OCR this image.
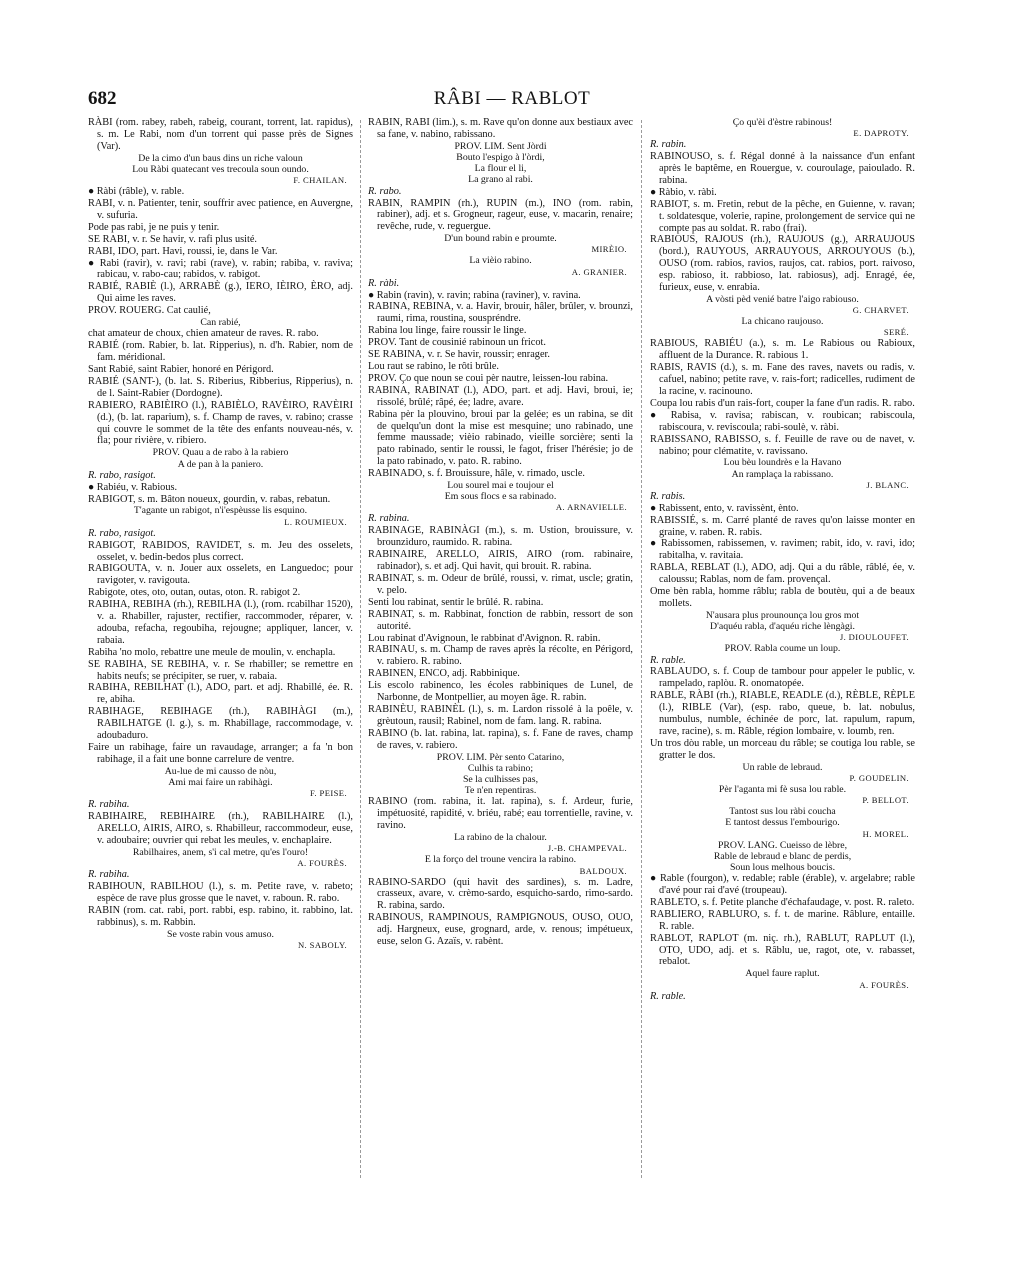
682	RÂBI — RABLOT

RÀBI (rom. rabey, rabeh, rabeig, courant, torrent, lat. rapidus), s. m. Le Rabi, nom d'un torrent qui passe près de Signes (Var).

De la cimo d'un baus dins un riche valoun

Lou Ràbi quatecant ves trecoula soun oundo.

F. CHAILAN.

● Ràbi (râble), v. rable.

RABI, v. n. Patienter, tenir, souffrir avec patience, en Auvergne, v. sufuria.

Pode pas rabi, je ne puis y tenir.

SE RABI, v. r. Se havir, v. rafi plus usité.

RABI, IDO, part. Havi, roussi, ie, dans le Var.

● Rabi (ravir), v. ravi; rabi (rave), v. rabin; rabiba, v. raviva; rabicau, v. rabo-cau; rabidos, v. rabigot.

RABIÉ, RABIÈ (l.), ARRABÈ (g.), IERO, IÈIRO, ÈRO, adj. Qui aime les raves.

PROV. ROUERG. Cat caulié,

Can rabié,

chat amateur de choux, chien amateur de raves. R. rabo.

RABIÉ (rom. Rabier, b. lat. Ripperius), n. d'h. Rabier, nom de fam. méridional.

Sant Rabié, saint Rabier, honoré en Périgord.

RABIÉ (SANT-), (b. lat. S. Riberius, Ribberius, Ripperius), n. de l. Saint-Rabier (Dordogne).

RABIERO, RABIÈIRO (l.), RABIÈLO, RAVÈIRO, RAVÈIRI (d.), (b. lat. raparium), s. f. Champ de raves, v. rabino; crasse qui couvre le sommet de la tête des enfants nouveau-nés, v. fla; pour rivière, v. ribiero.

PROV. Quau a de rabo à la rabiero

A de pan à la paniero.

R. rabo, rasigot.

● Rabiéu, v. Rabious.

RABIGOT, s. m. Bâton noueux, gourdin, v. rabas, rebatun.

T'agante un rabigot, n'i'espèusse lis esquino.

L. ROUMIEUX.

R. rabo, rasigot.

RABIGOT, RABIDOS, RAVIDET, s. m. Jeu des osselets, osselet, v. bedin-bedos plus correct.

RABIGOUTA, v. n. Jouer aux osselets, en Languedoc; pour ravigoter, v. ravigouta.

Rabigote, otes, oto, outan, outas, oton. R. rabigot 2.

RABIHA, REBIHA (rh.), REBILHA (l.), (rom. rcabilhar 1520), v. a. Rhabiller, rajuster, rectifier, raccommoder, réparer, v. adouba, refacha, regoubiha, rejougne; appliquer, lancer, v. rabaia.

Rabiha 'no molo, rebattre une meule de moulin, v. enchapla.

SE RABIHA, SE REBIHA, v. r. Se rhabiller; se remettre en habits neufs; se précipiter, se ruer, v. rabaia.

RABIHA, REBILHAT (l.), ADO, part. et adj. Rhabillé, ée. R. re, abiha.

RABIHAGE, REBIHAGE (rh.), RABIHÀGI (m.), RABILHATGE (l. g.), s. m. Rhabillage, raccommodage, v. adoubaduro.

Faire un rabihage, faire un ravaudage, arranger; a fa 'n bon rabihage, il a fait une bonne carrelure de ventre.

Au-lue de mi causso de nòu,

Ami mai faire un rabihàgi.

F. PEISE.

R. rabiha.

RABIHAIRE, REBIHAIRE (rh.), RABILHAIRE (l.), ARELLO, AIRIS, AIRO, s. Rhabilleur, raccommodeur, euse, v. adoubaire; ouvrier qui rebat les meules, v. enchaplaire.

Rabilhaires, anem, s'i cal metre, qu'es l'ouro!

A. FOURÈS.

R. rabiha.

RABIHOUN, RABILHOU (l.), s. m. Petite rave, v. rabeto; espèce de rave plus grosse que le navet, v. raboun. R. rabo.

RABIN (rom. cat. rabi, port. rabbi, esp. rabino, it. rabbino, lat. rabbinus), s. m. Rabbin.

Se voste rabin vous amuso.

N. SABOLY.

RABIN, RABI (lim.), s. m. Rave qu'on donne aux bestiaux avec sa fane, v. nabino, rabissano.

PROV. LIM. Sent Jòrdi

Bouto l'espigo à l'òrdi,

La flour el li,

La grano al rabi.

R. rabo.

RABIN, RAMPIN (rh.), RUPIN (m.), INO (rom. rabin, rabiner), adj. et s. Grogneur, rageur, euse, v. macarin, renaire; revêche, rude, v. reguergue.

D'un bound rabin e proumte.

MIRÈIO.

La vièio rabino.

A. GRANIER.

R. ràbi.

● Rabin (ravin), v. ravin; rabina (raviner), v. ravina.

RABINA, REBINA, v. a. Havir, brouir, hâler, brûler, v. brounzi, raumi, rima, roustina, souspréndre.

Rabina lou linge, faire roussir le linge.

PROV. Tant de cousinié rabinoun un fricot.

SE RABINA, v. r. Se havir, roussir; enrager.

Lou raut se rabino, le rôti brûle.

PROV. Ço que noun se coui pèr nautre, leissen-lou rabina.

RABINA, RABINAT (l.), ADO, part. et adj. Havi, broui, ie; rissolé, brûlé; râpé, ée; ladre, avare.

Rabina pèr la plouvino, broui par la gelée; es un rabina, se dit de quelqu'un dont la mise est mesquine; uno rabinado, une femme maussade; vièio rabinado, vieille sorcière; senti la pato rabinado, sentir le roussi, le fagot, friser l'hérésie; jo de la pato rabinado, v. pato. R. rabino.

RABINADO, s. f. Brouissure, hâle, v. rimado, uscle.

Lou sourel mai e toujour el

Em sous flocs e sa rabinado.

A. ARNAVIELLE.

R. rabina.

RABINAGE, RABINÀGI (m.), s. m. Ustion, brouissure, v. brounziduro, raumido. R. rabina.

RABINAIRE, ARELLO, AIRIS, AIRO (rom. rabinaire, rabinador), s. et adj. Qui havit, qui brouit. R. rabina.

RABINAT, s. m. Odeur de brûlé, roussi, v. rimat, uscle; gratin, v. pelo.

Senti lou rabinat, sentir le brûlé. R. rabina.

RABINAT, s. m. Rabbinat, fonction de rabbin, ressort de son autorité.

Lou rabinat d'Avignoun, le rabbinat d'Avignon. R. rabin.

RABINAU, s. m. Champ de raves après la récolte, en Périgord, v. rabiero. R. rabino.

RABINEN, ENCO, adj. Rabbinique.

Lis escolo rabinenco, les écoles rabbiniques de Lunel, de Narbonne, de Montpellier, au moyen âge. R. rabin.

RABINÈU, RABINÈL (l.), s. m. Lardon rissolé à la poêle, v. grèutoun, rausil; Rabinel, nom de fam. lang. R. rabina.

RABINO (b. lat. rabina, lat. rapina), s. f. Fane de raves, champ de raves, v. rabiero.

PROV. LIM. Pèr sento Catarino,

Culhis ta rabino;

Se la culhisses pas,

Te n'en repentiras.

RABINO (rom. rabina, it. lat. rapina), s. f. Ardeur, furie, impétuosité, rapidité, v. briéu, rabé; eau torrentielle, ravine, v. ravino.

La rabino de la chalour.

J.-B. CHAMPEVAL.

E la forço del troune vencira la rabino.

BALDOUX.

RABINO-SARDO (qui havit des sardines), s. m. Ladre, crasseux, avare, v. crèmo-sardo, esquicho-sardo, rimo-sardo. R. rabina, sardo.

RABINOUS, RAMPINOUS, RAMPIGNOUS, OUSO, OUO, adj. Hargneux, euse, grognard, arde, v. renous; impétueux, euse, selon G. Azaïs, v. rabènt.

Ço qu'èi d'èstre rabinous!

E. DAPROTY.

R. rabin.

RABINOUSO, s. f. Régal donné à la naissance d'un enfant après le baptême, en Rouergue, v. couroulage, paioulado. R. rabina.

● Ràbio, v. ràbi.

RABIOT, s. m. Fretin, rebut de la pêche, en Guienne, v. ravan; t. soldatesque, volerie, rapine, prolongement de service qui ne compte pas au soldat. R. rabo (frai).

RABIOUS, RAJOUS (rh.), RAUJOUS (g.), ARRAUJOUS (bord.), RAUYOUS, ARRAUYOUS, ARROUYOUS (b.), OUSO (rom. rabios, ravios, raujos, cat. rabios, port. raivoso, esp. rabioso, it. rabbioso, lat. rabiosus), adj. Enragé, ée, furieux, euse, v. enrabia.

A vòsti pèd venié batre l'aigo rabiouso.

G. CHARVET.

La chicano raujouso.

SERÉ.

RABIOUS, RABIÉU (a.), s. m. Le Rabious ou Rabioux, affluent de la Durance. R. rabious 1.

RABIS, RAVIS (d.), s. m. Fane des raves, navets ou radis, v. cafuel, nabino; petite rave, v. rais-fort; radicelles, rudiment de la racine, v. racinouno.

Coupa lou rabis d'un rais-fort, couper la fane d'un radis. R. rabo.

● Rabisa, v. ravisa; rabiscan, v. roubican; rabiscoula, rabiscoura, v. reviscoula; rabi-soulè, v. ràbi.

RABISSANO, RABISSO, s. f. Feuille de rave ou de navet, v. nabino; pour clématite, v. ravissano.

Lou bèu loundrès e la Havano

An ramplaça la rabissano.

J. BLANC.

R. rabis.

● Rabissent, ento, v. ravissènt, ènto.

RABISSIÉ, s. m. Carré planté de raves qu'on laisse monter en graine, v. raben. R. rabis.

● Rabissomen, rabissemen, v. ravimen; rabit, ido, v. ravi, ido; rabitalha, v. ravitaia.

RABLA, REBLAT (l.), ADO, adj. Qui a du râble, râblé, ée, v. caloussu; Rablas, nom de fam. provençal.

Ome bèn rabla, homme râblu; rabla de boutèu, qui a de beaux mollets.

N'ausara plus prounounça lou gros mot

D'aquéu rabla, d'aquéu riche lèngàgi.

J. DIOULOUFET.

PROV. Rabla coume un loup.

R. rable.

RABLAUDO, s. f. Coup de tambour pour appeler le public, v. rampelado, raplòu. R. onomatopée.

RABLE, RÀBI (rh.), RIABLE, READLE (d.), RÈBLE, RÈPLE (l.), RIBLE (Var), (esp. rabo, queue, b. lat. nobulus, numbulus, numble, échinée de porc, lat. rapulum, rapum, rave, racine), s. m. Râble, région lombaire, v. loumb, ren.

Un tros dòu rable, un morceau du râble; se coutiga lou rable, se gratter le dos.

Un rable de lebraud.

P. GOUDELIN.

Pèr l'aganta mi fè susa lou rable.

P. BELLOT.

Tantost sus lou ràbi coucha

E tantost dessus l'embourigo.

H. MOREL.

PROV. LANG. Cueisso de lèbre,

Rable de lebraud e blanc de perdis,

Soun lous melhous boucis.

● Rable (fourgon), v. redable; rable (érable), v. argelabre; rable d'avé pour rai d'avé (troupeau).

RABLETO, s. f. Petite planche d'échafaudage, v. post. R. raleto.

RABLIERO, RABLURO, s. f. t. de marine. Râblure, entaille. R. rable.

RABLOT, RAPLOT (m. niç. rh.), RABLUT, RAPLUT (l.), OTO, UDO, adj. et s. Râblu, ue, ragot, ote, v. rabasset, rebalot.

Aquel faure raplut.

A. FOURÈS.

R. rable.
